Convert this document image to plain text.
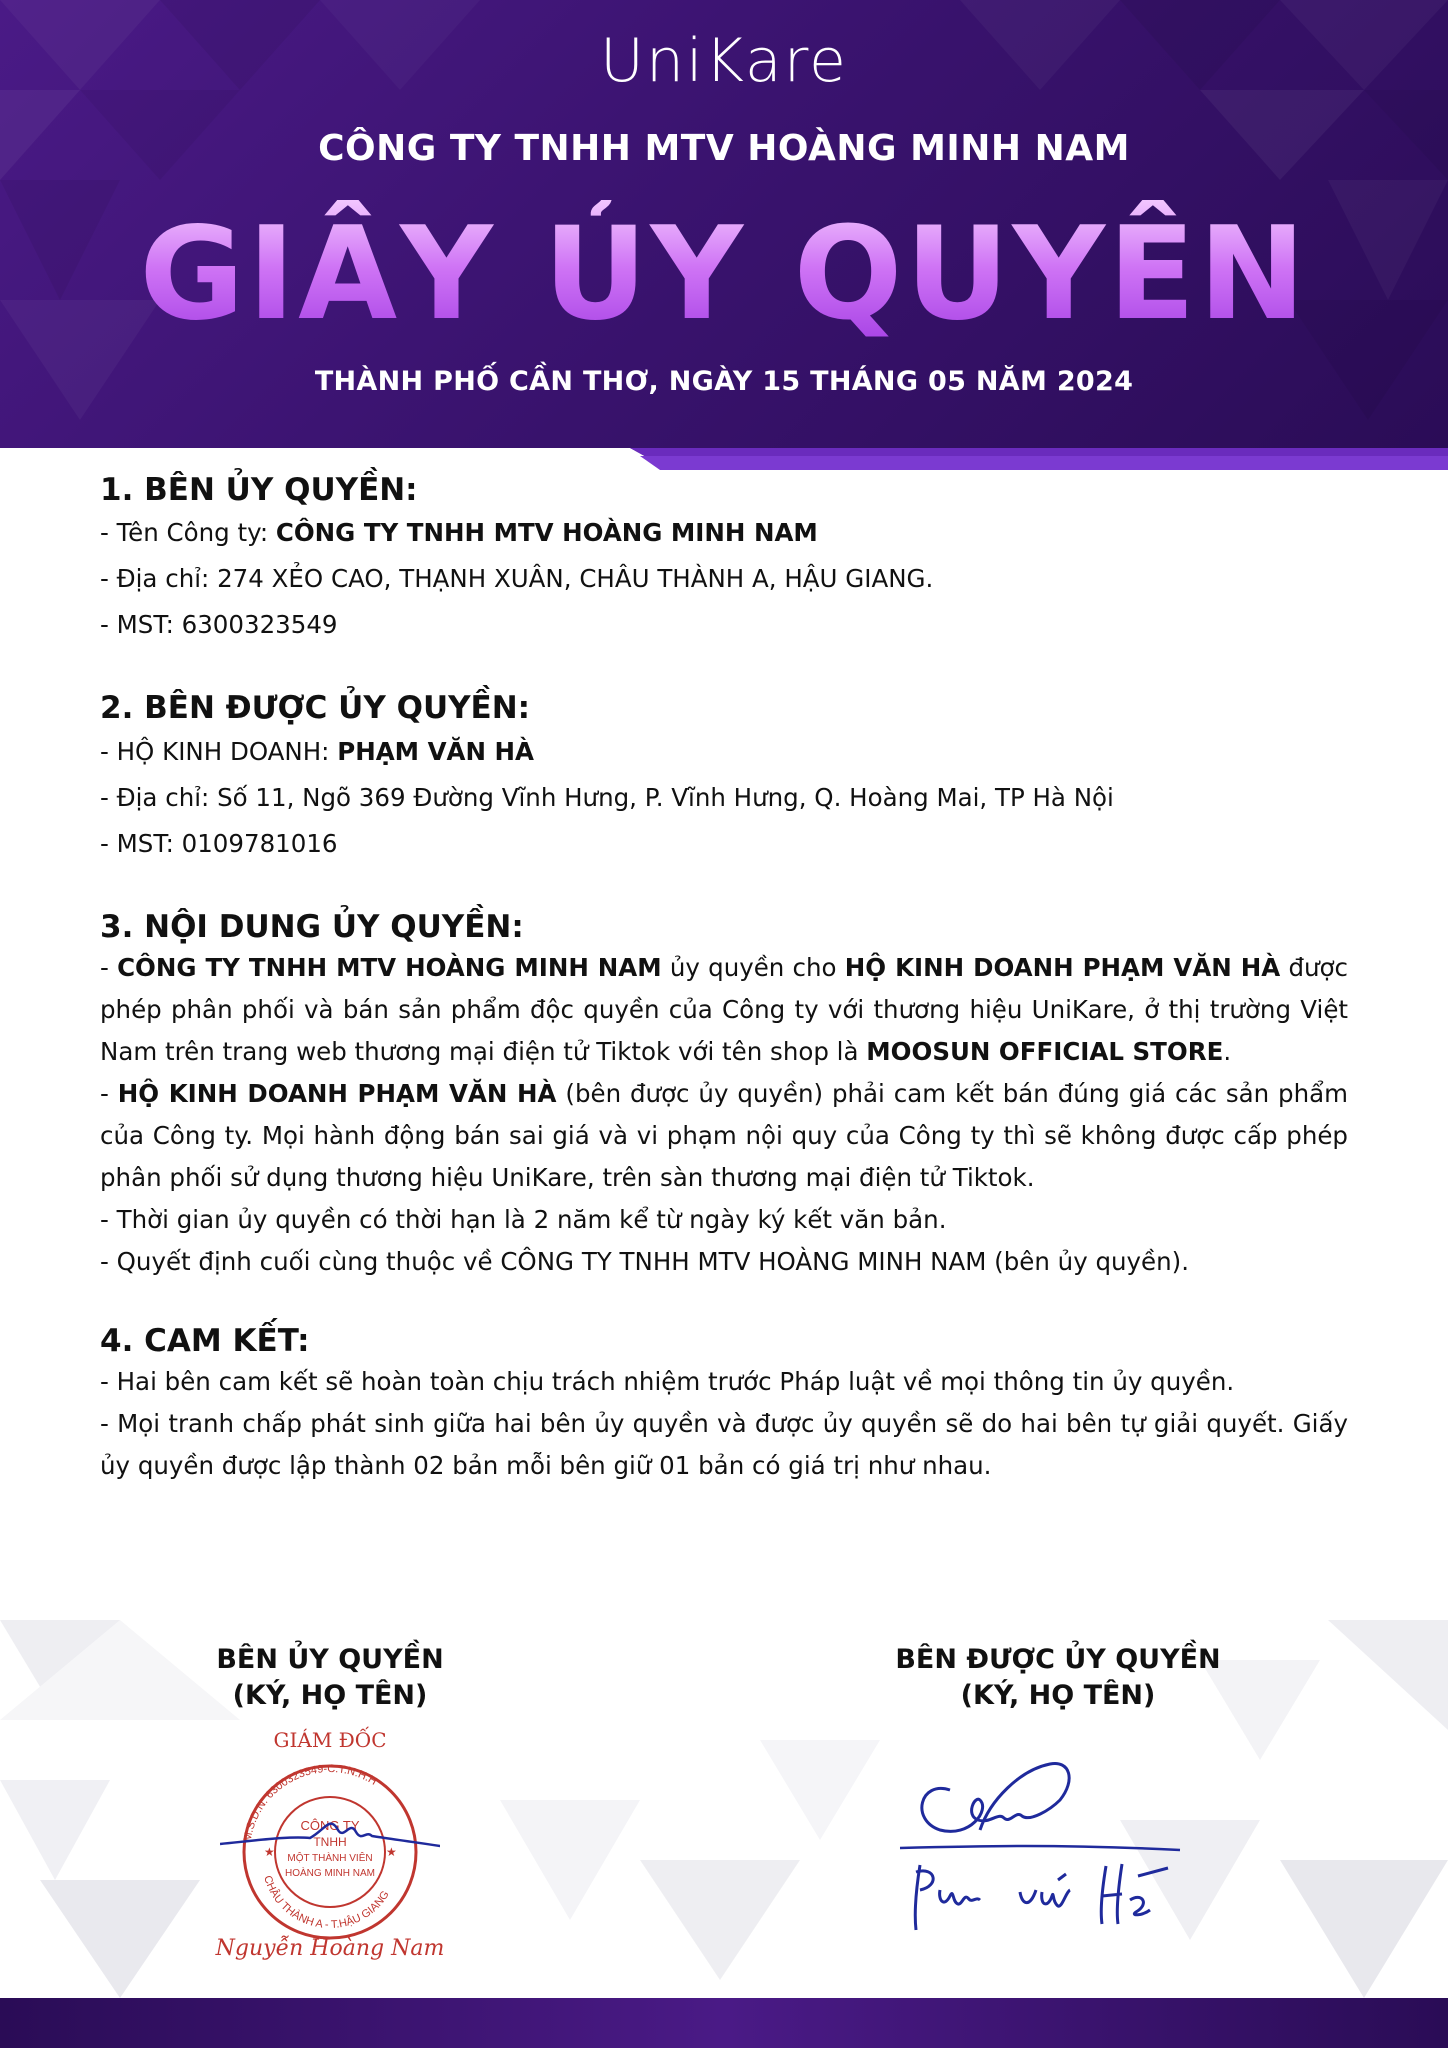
UniKare
CÔNG TY TNHH MTV HOÀNG MINH NAM
GIẤY ỦY QUYỀN
THÀNH PHỐ CẦN THƠ, NGÀY 15 THÁNG 05 NĂM 2024
1. BÊN ỦY QUYỀN:

- Tên Công ty: CÔNG TY TNHH MTV HOÀNG MINH NAM

- Địa chỉ: 274 XẺO CAO, THẠNH XUÂN, CHÂU THÀNH A, HẬU GIANG.

- MST: 6300323549

2. BÊN ĐƯỢC ỦY QUYỀN:

- HỘ KINH DOANH: PHẠM VĂN HÀ

- Địa chỉ: Số 11, Ngõ 369 Đường Vĩnh Hưng, P. Vĩnh Hưng, Q. Hoàng Mai, TP Hà Nội

- MST: 0109781016

3. NỘI DUNG ỦY QUYỀN:

- CÔNG TY TNHH MTV HOÀNG MINH NAM ủy quyền cho HỘ KINH DOANH PHẠM VĂN HÀ được phép phân phối và bán sản phẩm độc quyền của Công ty với thương hiệu UniKare, ở thị trường Việt Nam trên trang web thương mại điện tử Tiktok với tên shop là MOOSUN OFFICIAL STORE.

- HỘ KINH DOANH PHẠM VĂN HÀ (bên được ủy quyền) phải cam kết bán đúng giá các sản phẩm của Công ty. Mọi hành động bán sai giá và vi phạm nội quy của Công ty thì sẽ không được cấp phép phân phối sử dụng thương hiệu UniKare, trên sàn thương mại điện tử Tiktok.

- Thời gian ủy quyền có thời hạn là 2 năm kể từ ngày ký kết văn bản.

- Quyết định cuối cùng thuộc về CÔNG TY TNHH MTV HOÀNG MINH NAM (bên ủy quyền).

4. CAM KẾT:

- Hai bên cam kết sẽ hoàn toàn chịu trách nhiệm trước Pháp luật về mọi thông tin ủy quyền.

- Mọi tranh chấp phát sinh giữa hai bên ủy quyền và được ủy quyền sẽ do hai bên tự giải quyết. Giấy ủy quyền được lập thành 02 bản mỗi bên giữ 01 bản có giá trị như nhau.

BÊN ỦY QUYỀN
(KÝ, HỌ TÊN)
BÊN ĐƯỢC ỦY QUYỀN
(KÝ, HỌ TÊN)
GIÁM ĐỐC
M.S.D.N: 6300323549-C.T.N.H.H
CHÂU THÀNH A - T.HẬU GIANG
CÔNG TY
TNHH
MỘT THÀNH VIÊN
HOÀNG MINH NAM
★	★
Nguyễn Hoàng Nam
